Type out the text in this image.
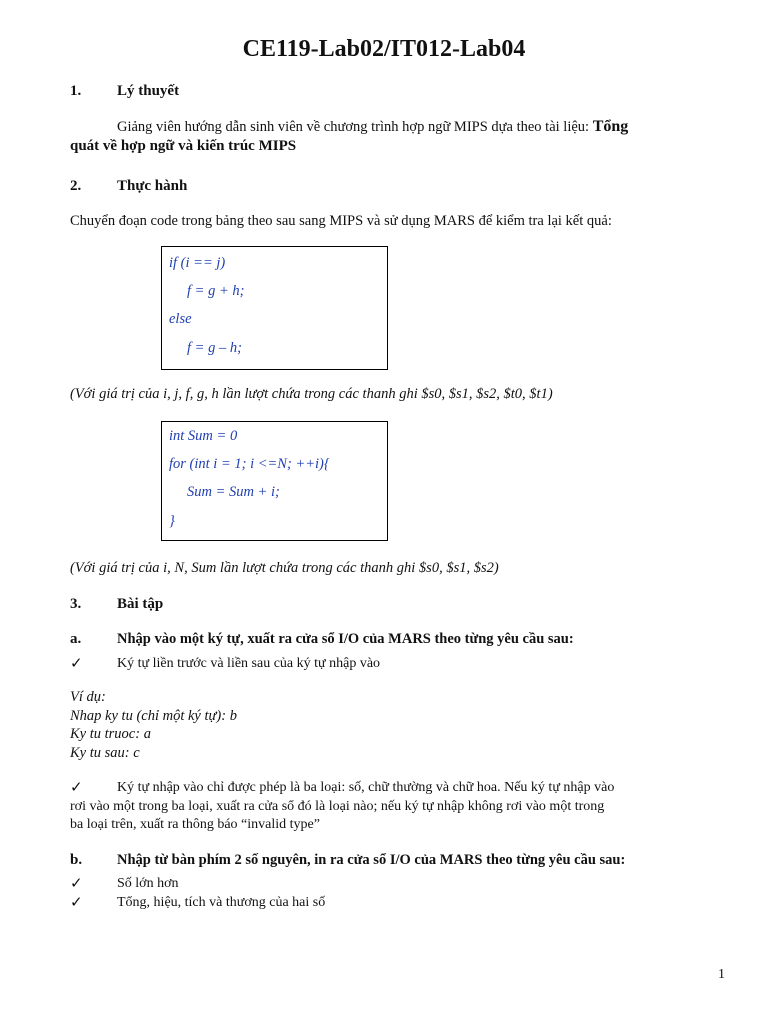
CE119-Lab02/IT012-Lab04
1. Lý thuyết
Giảng viên hướng dẫn sinh viên về chương trình hợp ngữ MIPS dựa theo tài liệu: Tổng
quát về hợp ngữ và kiến trúc MIPS
2. Thực hành
Chuyển đoạn code trong bảng theo sau sang MIPS và sử dụng MARS để kiểm tra lại kết quả:
if (i == j)
f = g + h;
else
f = g – h;
(Với giá trị của i, j, f, g, h lần lượt chứa trong các thanh ghi $s0, $s1, $s2, $t0, $t1)
int Sum = 0
for (int i = 1; i <=N; ++i){
Sum = Sum + i;
}
(Với giá trị của i, N, Sum lần lượt chứa trong các thanh ghi $s0, $s1, $s2)
3. Bài tập
a. Nhập vào một ký tự, xuất ra cửa sổ I/O của MARS theo từng yêu cầu sau:
✓ Ký tự liền trước và liền sau của ký tự nhập vào
Ví dụ:
Nhap ky tu (chỉ một ký tự): b
Ky tu truoc: a
Ky tu sau: c
✓ Ký tự nhập vào chỉ được phép là ba loại: số, chữ thường và chữ hoa. Nếu ký tự nhập vào
rơi vào một trong ba loại, xuất ra cửa sổ đó là loại nào; nếu ký tự nhập không rơi vào một trong
ba loại trên, xuất ra thông báo “invalid type”
b. Nhập từ bàn phím 2 số nguyên, in ra cửa sổ I/O của MARS theo từng yêu cầu sau:
✓ Số lớn hơn
✓ Tổng, hiệu, tích và thương của hai số
1
